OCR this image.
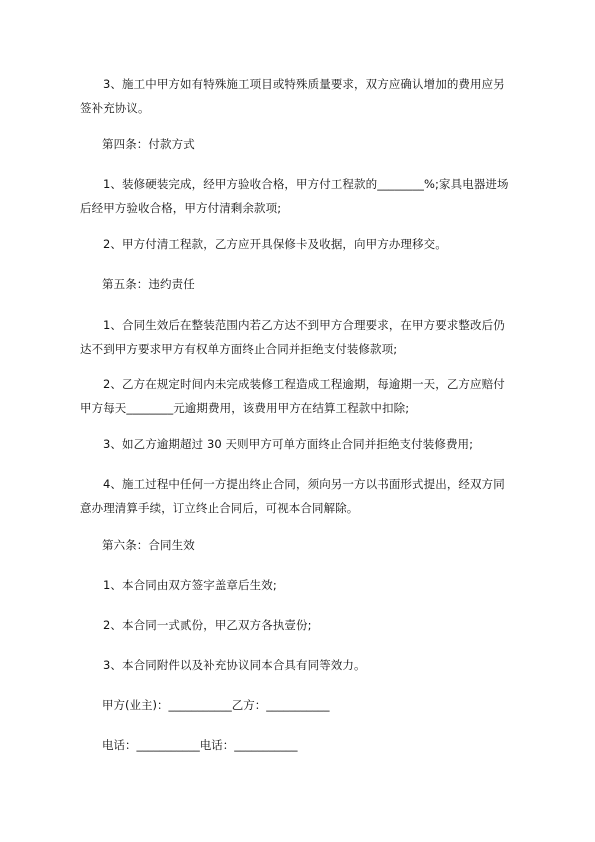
3、施工中甲方如有特殊施工项目或特殊质量要求，双方应确认增加的费用应另签补充协议。
第四条：付款方式
1、装修硬装完成，经甲方验收合格，甲方付工程款的________%;家具电器进场后经甲方验收合格，甲方付清剩余款项;
2、甲方付清工程款，乙方应开具保修卡及收据，向甲方办理移交。
第五条：违约责任
1、合同生效后在整装范围内若乙方达不到甲方合理要求，在甲方要求整改后仍达不到甲方要求甲方有权单方面终止合同并拒绝支付装修款项;
2、乙方在规定时间内未完成装修工程造成工程逾期，每逾期一天，乙方应赔付甲方每天________元逾期费用，该费用甲方在结算工程款中扣除;
3、如乙方逾期超过 30 天则甲方可单方面终止合同并拒绝支付装修费用;
4、施工过程中任何一方提出终止合同，须向另一方以书面形式提出，经双方同意办理清算手续，订立终止合同后，可视本合同解除。
第六条：合同生效
1、本合同由双方签字盖章后生效;
2、本合同一式贰份，甲乙双方各执壹份;
3、本合同附件以及补充协议同本合具有同等效力。
甲方(业主)：___________乙方：___________
电话：___________电话：___________
